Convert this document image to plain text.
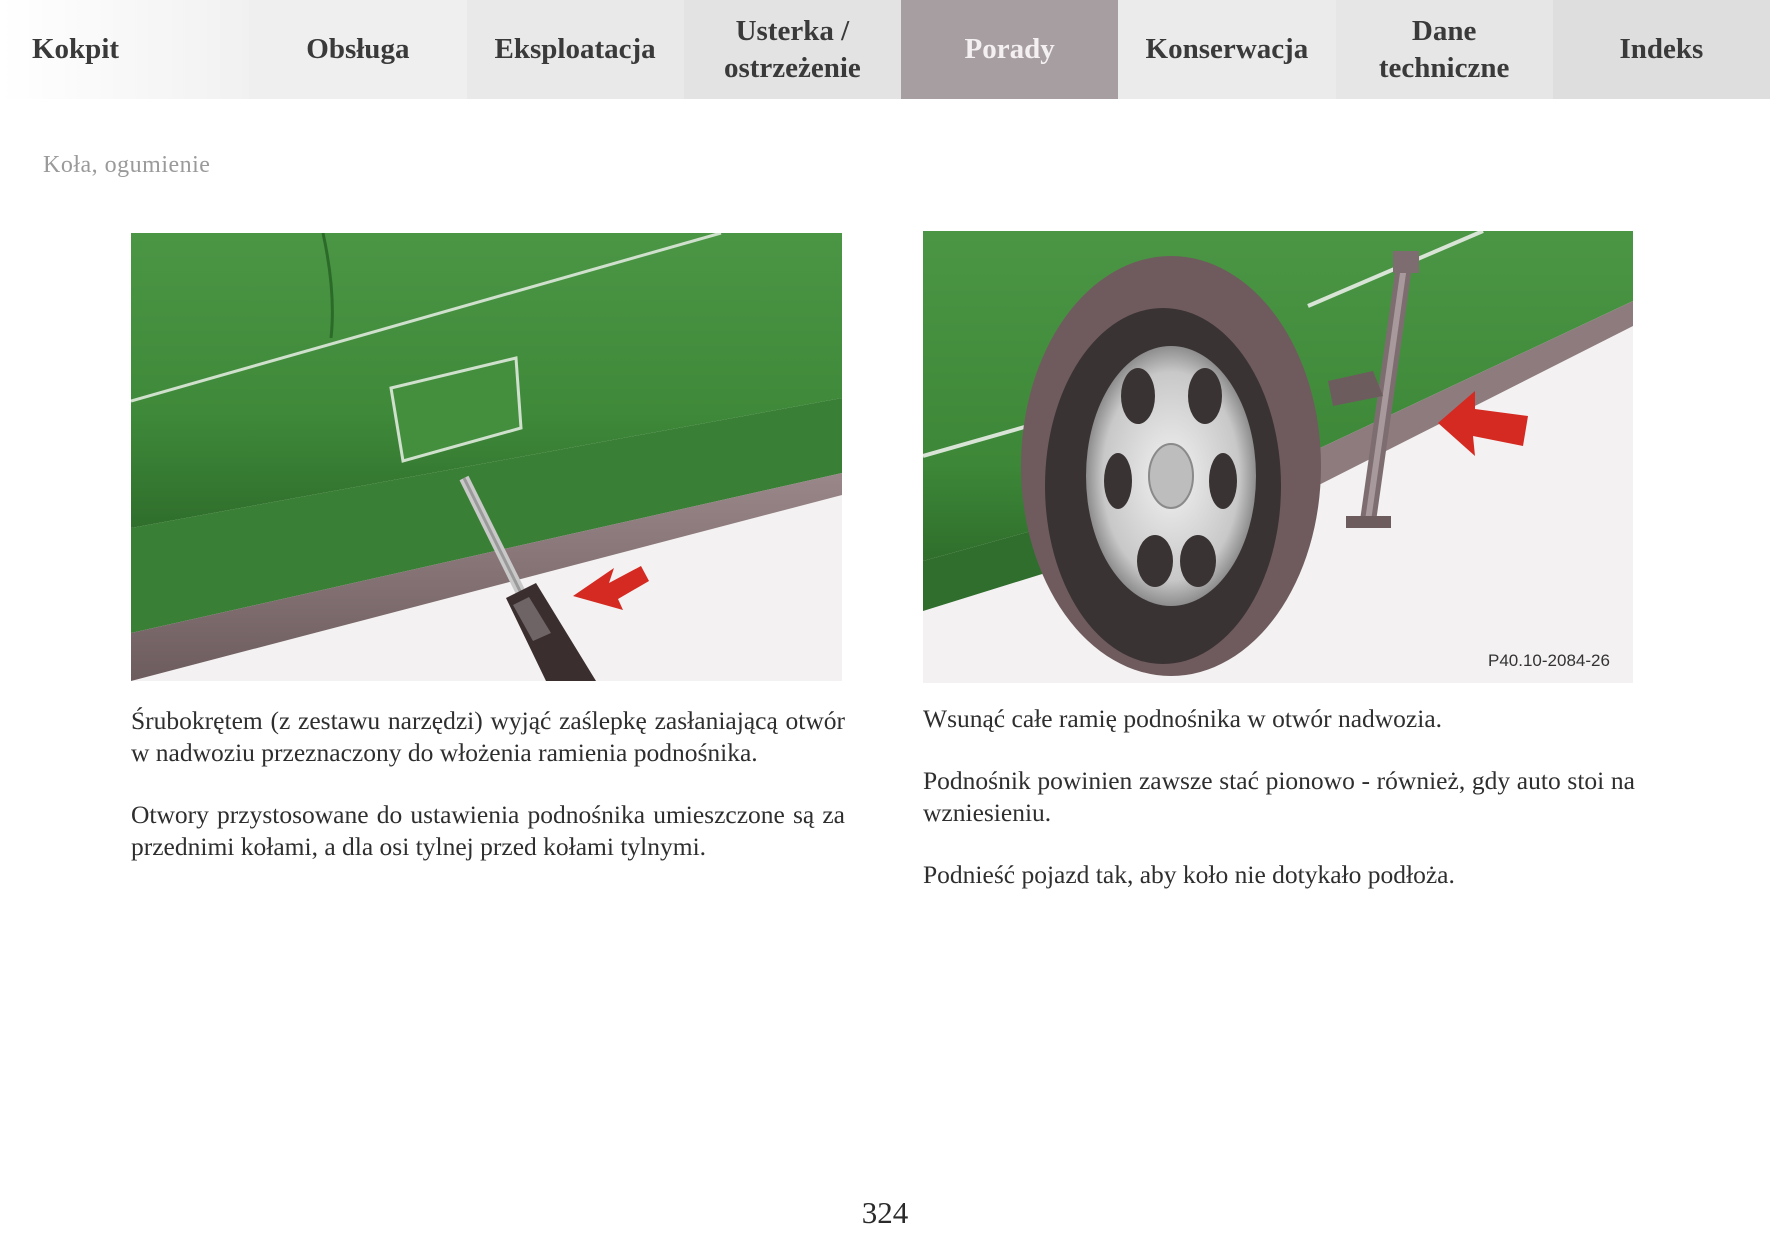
Kokpit	Obsługa	Eksploatacja
Usterka /
ostrzeżenie
Porady	Konserwacja
Dane
techniczne
Indeks
Koła, ogumienie
P40.10-2084-26

Śrubokrętem (z zestawu narzędzi) wyjąć zaślepkę zasłaniającą otwór w nadwoziu przeznaczony do włożenia ramienia podnośnika.

Otwory przystosowane do ustawienia podnośnika umieszczone są za przednimi kołami, a dla osi tylnej przed kołami tylnymi.

Wsunąć całe ramię podnośnika w otwór nadwozia.

Podnośnik powinien zawsze stać pionowo - również, gdy auto stoi na wzniesieniu.

Podnieść pojazd tak, aby koło nie dotykało podłoża.

324
